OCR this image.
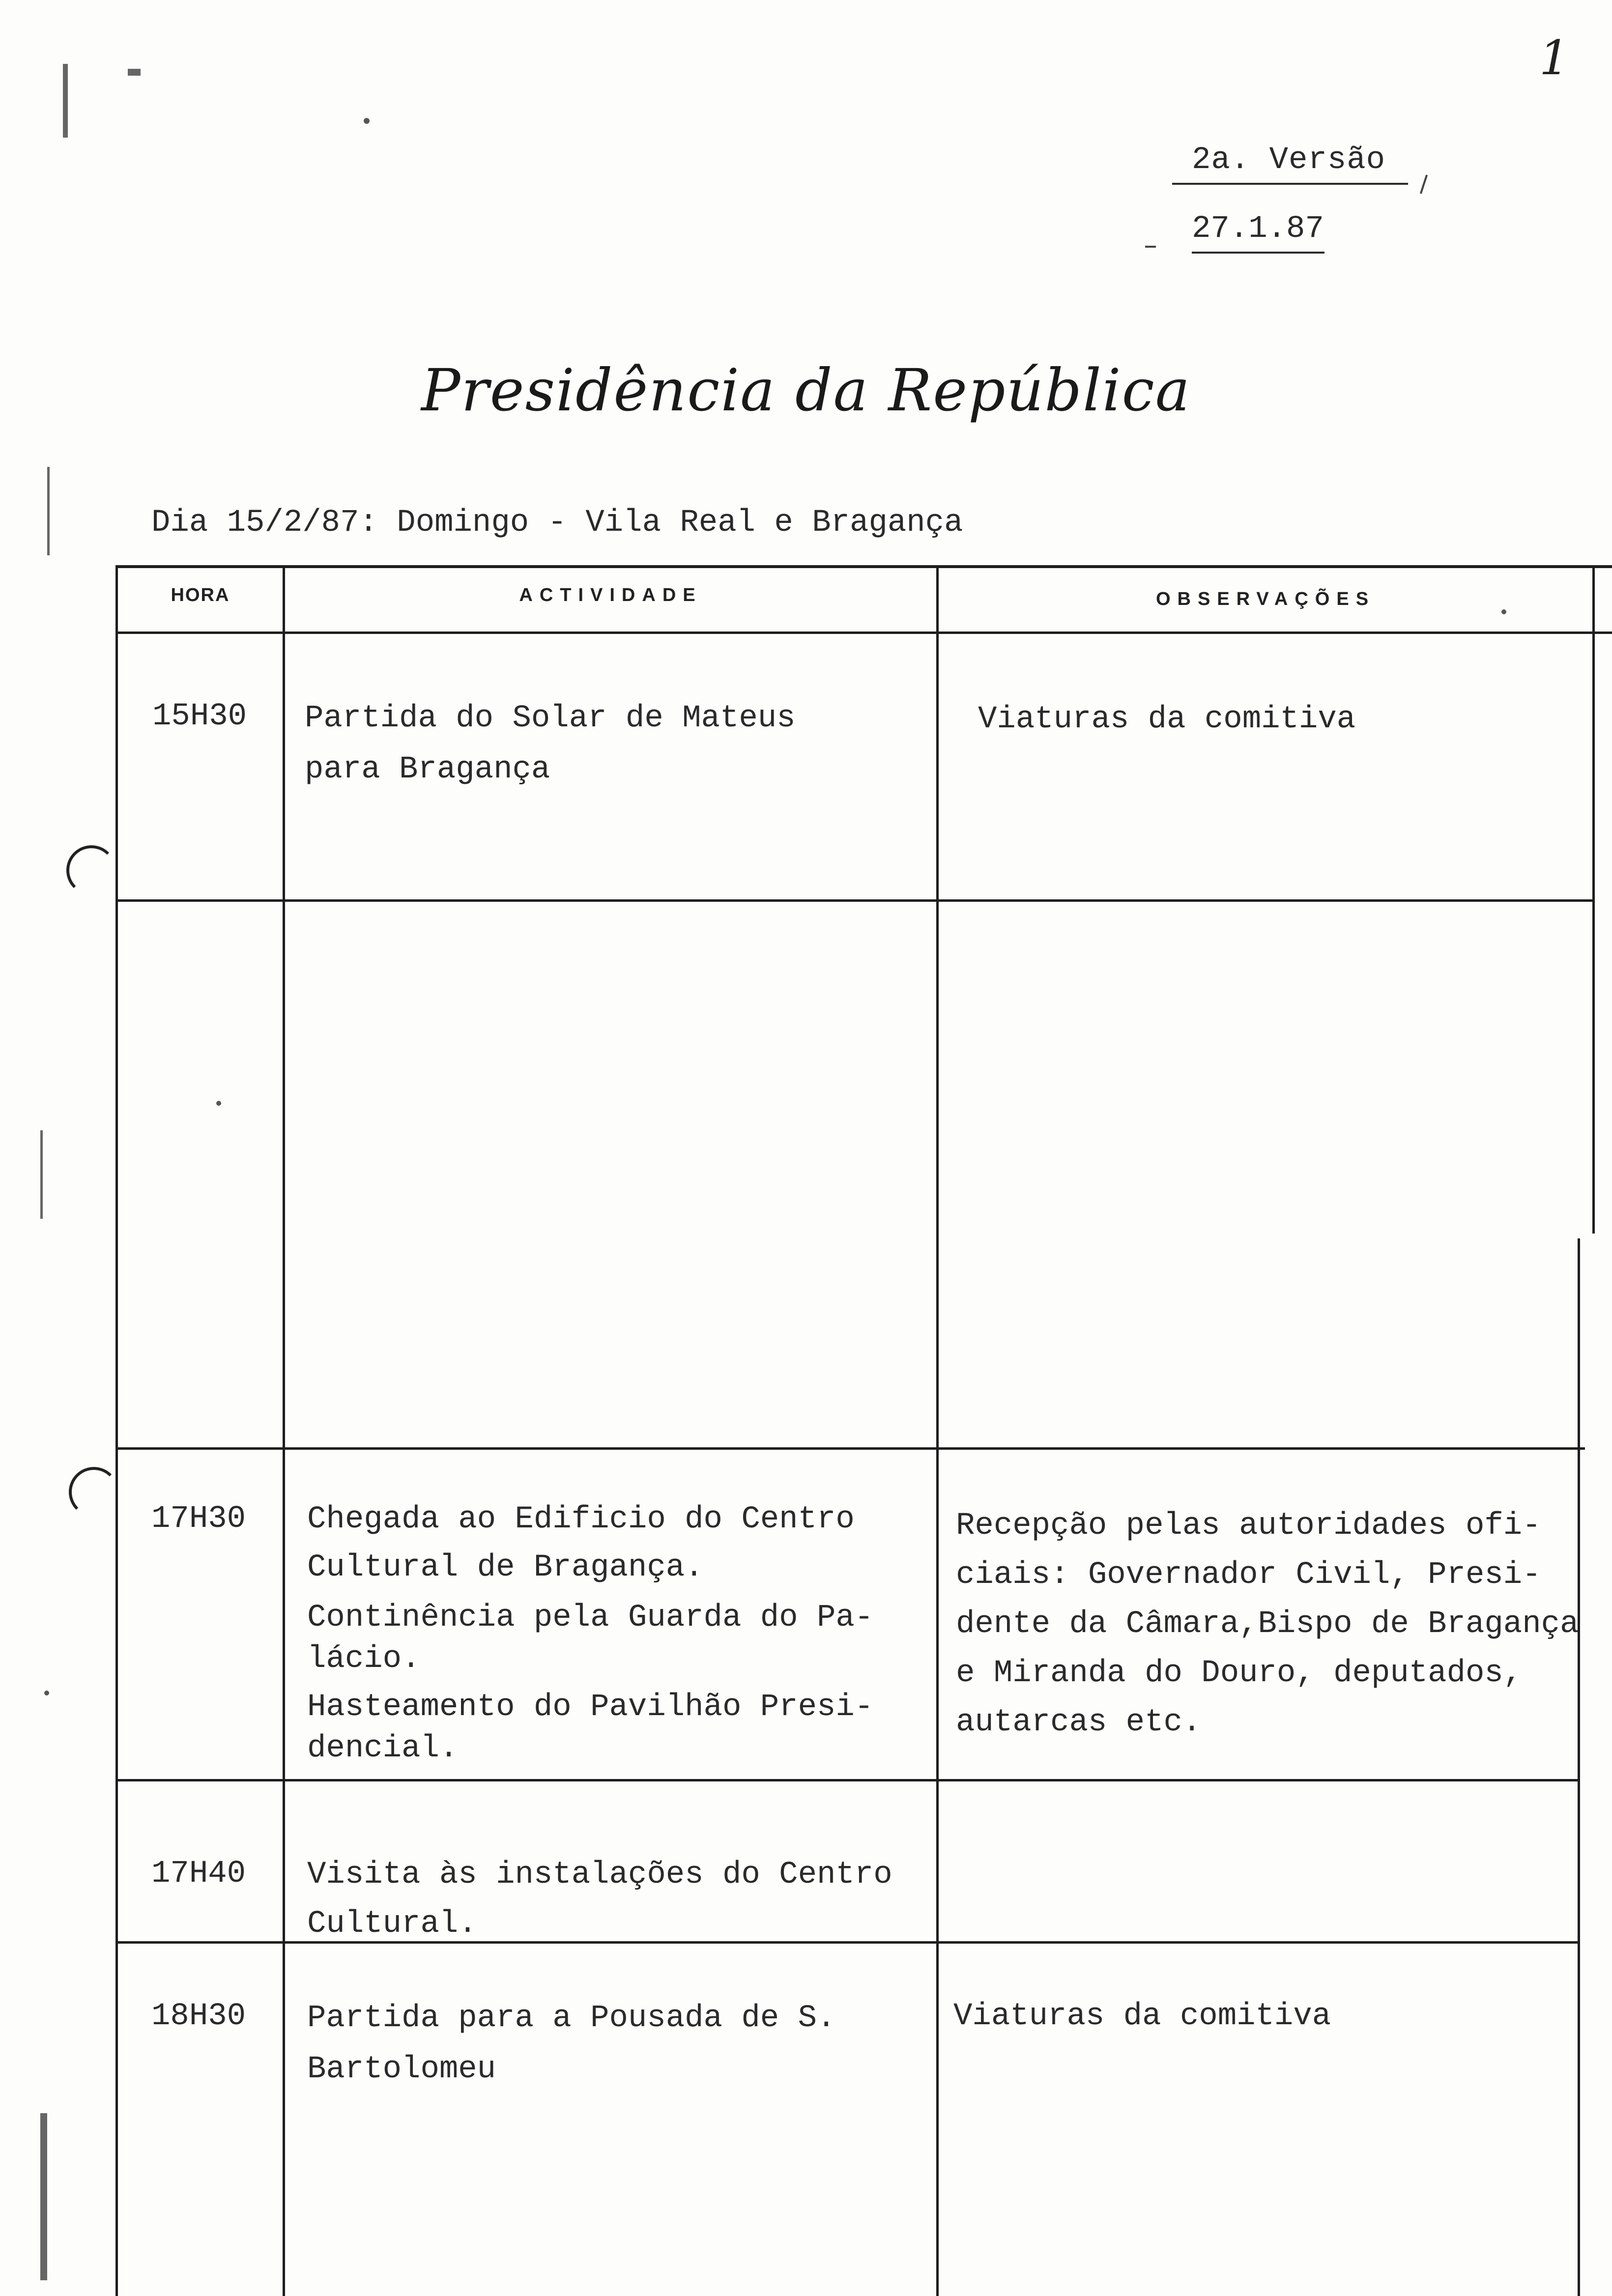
1
2a. Versão
27.1.87
Presidência da República
Dia 15/2/87: Domingo - Vila Real e Bragança
HORA	ACTIVIDADE	OBSERVAÇÕES
15H30 Partida do Solar de Mateus
para Bragança
Viaturas da comitiva
17H30 Chegada ao Edificio do Centro
Cultural de Bragança.
Continência pela Guarda do Pa-
lácio.
Hasteamento do Pavilhão Presi-
dencial.
Recepção pelas autoridades ofi-
ciais: Governador Civil, Presi-
dente da Câmara,Bispo de Bragança
e Miranda do Douro, deputados,
autarcas etc.
17H40 Visita às instalações do Centro
Cultural.
18H30 Partida para a Pousada de S.
Bartolomeu
Viaturas da comitiva
